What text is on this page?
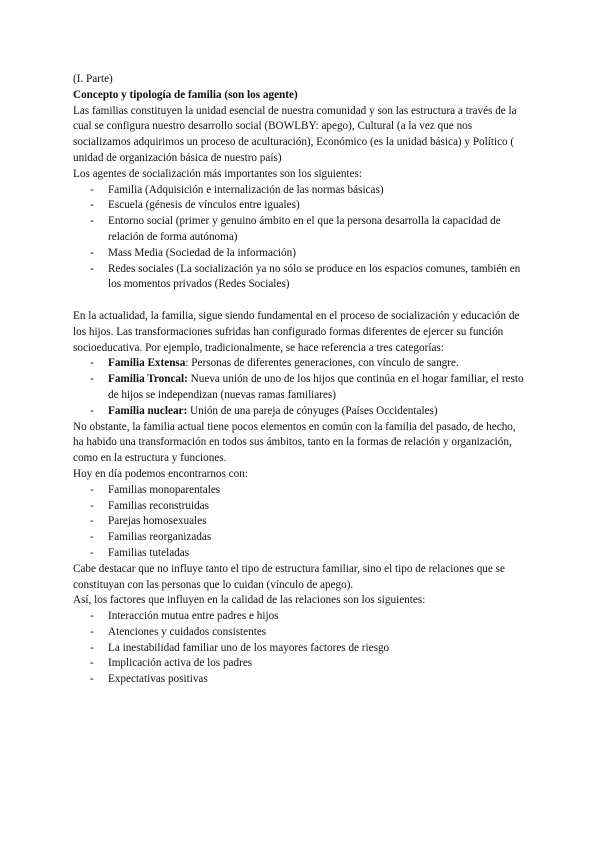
(I. Parte)

Concepto y tipología de familia (son los agente)

Las familias constituyen la unidad esencial de nuestra comunidad y son las estructura a través de la cual se configura nuestro desarrollo social (BOWLBY: apego), Cultural (a la vez que nos socializamos adquirimos un proceso de aculturación), Económico (es la unidad básica) y Político ( unidad de organización básica de nuestro país)

Los agentes de socialización más importantes son los siguientes:

- Familia (Adquisición e internalización de las normas básicas)
- Escuela (génesis de vínculos entre iguales)
- Entorno social (primer y genuino ámbito en el que la persona desarrolla la capacidad de relación de forma autónoma)
- Mass Media (Sociedad de la información)
- Redes sociales (La socialización ya no sólo se produce en los espacios comunes, también en los momentos privados (Redes Sociales)

En la actualidad, la familia, sigue siendo fundamental en el proceso de socialización y educación de los hijos. Las transformaciones sufridas han configurado formas diferentes de ejercer su función socioeducativa. Por ejemplo, tradicionalmente, se hace referencia a tres categorías:

- Familia Extensa: Personas de diferentes generaciones, con vínculo de sangre.
- Familia Troncal: Nueva unión de uno de los hijos que continúa en el hogar familiar, el resto de hijos se independizan (nuevas ramas familiares)
- Familia nuclear: Unión de una pareja de cónyuges (Países Occidentales)

No obstante, la familia actual tiene pocos elementos en común con la familia del pasado, de hecho, ha habido una transformación en todos sus ámbitos, tanto en la formas de relación y organización, como en la estructura y funciones.

Hoy en día podemos encontrarnos con:

- Familias monoparentales
- Familias reconstruidas
- Parejas homosexuales
- Familias reorganizadas
- Familias tuteladas

Cabe destacar que no influye tanto el tipo de estructura familiar, sino el tipo de relaciones que se constituyan con las personas que lo cuidan (vínculo de apego).

Así, los factores que influyen en la calidad de las relaciones son los siguientes:

- Interacción mutua entre padres e hijos
- Atenciones y cuidados consistentes
- La inestabilidad familiar uno de los mayores factores de riesgo
- Implicación activa de los padres
- Expectativas positivas
